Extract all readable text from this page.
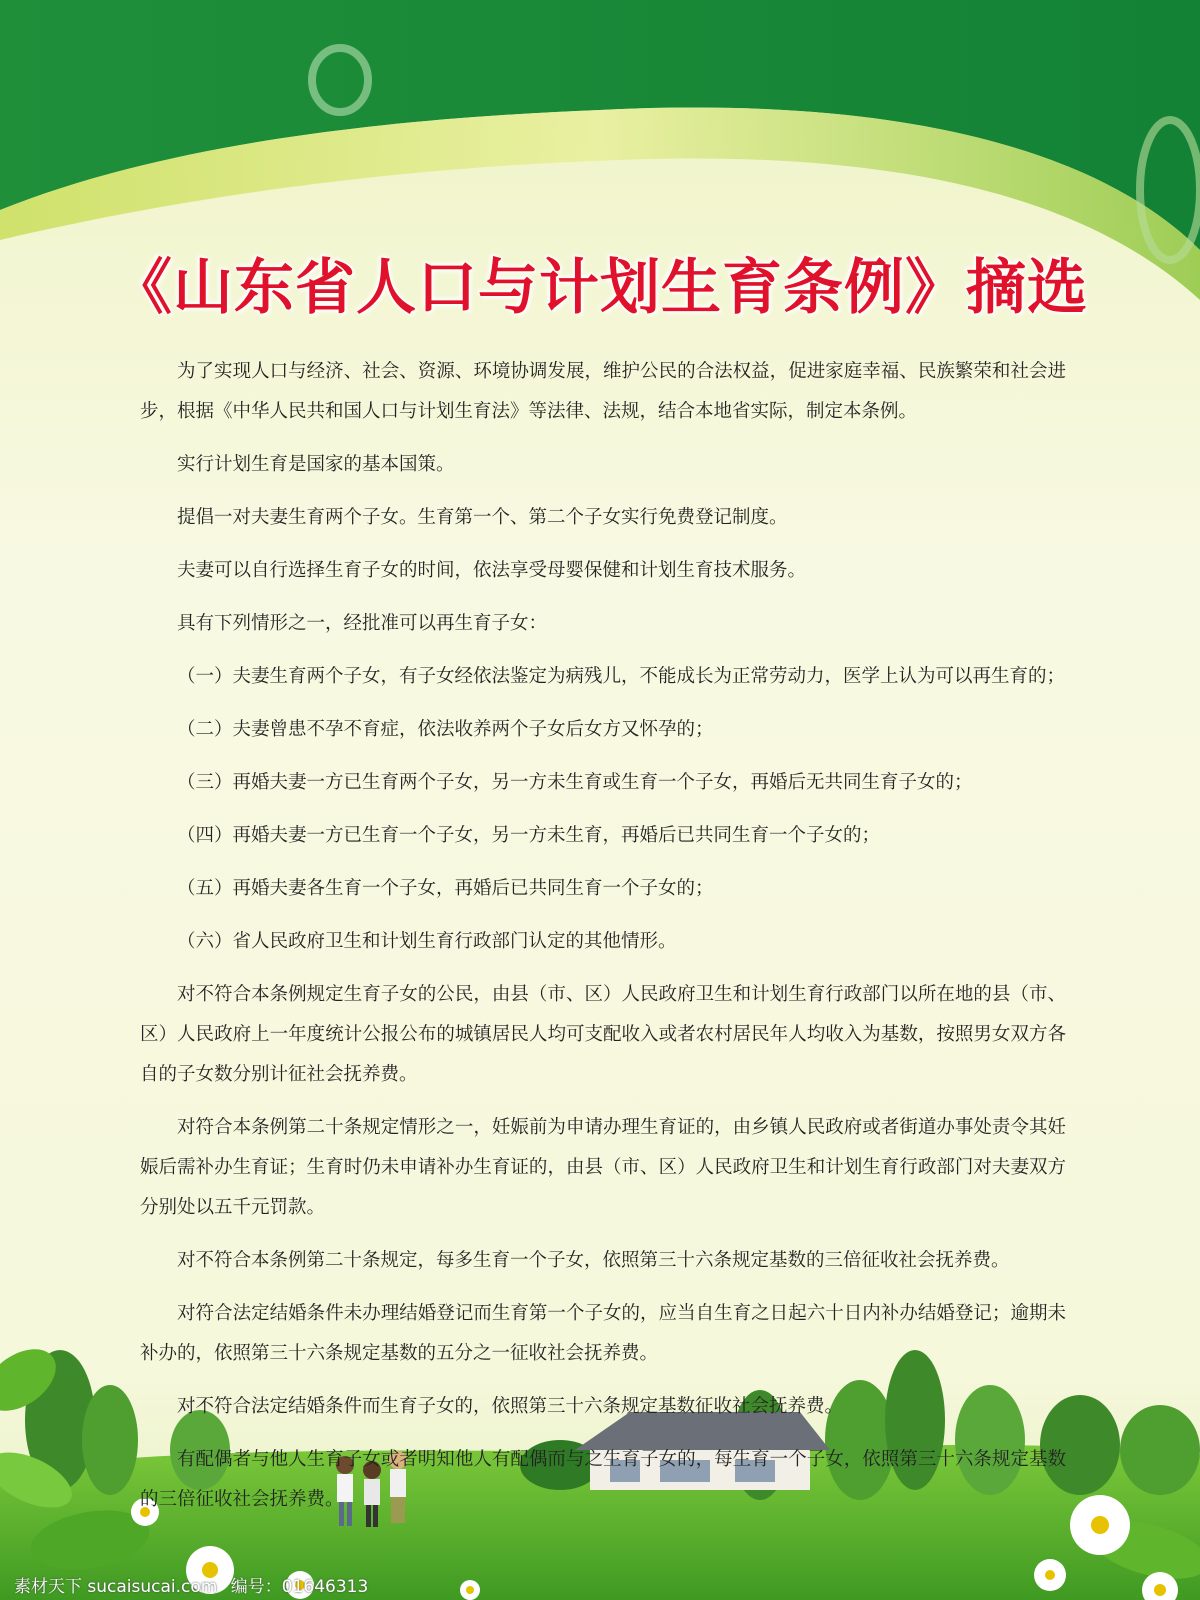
《山东省人口与计划生育条例》摘选

为了实现人口与经济、社会、资源、环境协调发展，维护公民的合法权益，促进家庭幸福、民族繁荣和社会进步，根据《中华人民共和国人口与计划生育法》等法律、法规，结合本地省实际，制定本条例。

实行计划生育是国家的基本国策。

提倡一对夫妻生育两个子女。生育第一个、第二个子女实行免费登记制度。

夫妻可以自行选择生育子女的时间，依法享受母婴保健和计划生育技术服务。

具有下列情形之一，经批准可以再生育子女：

（一）夫妻生育两个子女，有子女经依法鉴定为病残儿，不能成长为正常劳动力，医学上认为可以再生育的；

（二）夫妻曾患不孕不育症，依法收养两个子女后女方又怀孕的；

（三）再婚夫妻一方已生育两个子女，另一方未生育或生育一个子女，再婚后无共同生育子女的；

（四）再婚夫妻一方已生育一个子女，另一方未生育，再婚后已共同生育一个子女的；

（五）再婚夫妻各生育一个子女，再婚后已共同生育一个子女的；

（六）省人民政府卫生和计划生育行政部门认定的其他情形。

对不符合本条例规定生育子女的公民，由县（市、区）人民政府卫生和计划生育行政部门以所在地的县（市、区）人民政府上一年度统计公报公布的城镇居民人均可支配收入或者农村居民年人均收入为基数，按照男女双方各自的子女数分别计征社会抚养费。

对符合本条例第二十条规定情形之一，妊娠前为申请办理生育证的，由乡镇人民政府或者街道办事处责令其妊娠后需补办生育证；生育时仍未申请补办生育证的，由县（市、区）人民政府卫生和计划生育行政部门对夫妻双方分别处以五千元罚款。

对不符合本条例第二十条规定，每多生育一个子女，依照第三十六条规定基数的三倍征收社会抚养费。

对符合法定结婚条件未办理结婚登记而生育第一个子女的，应当自生育之日起六十日内补办结婚登记；逾期未补办的，依照第三十六条规定基数的五分之一征收社会抚养费。

对不符合法定结婚条件而生育子女的，依照第三十六条规定基数征收社会抚养费。

有配偶者与他人生育子女或者明知他人有配偶而与之生育子女的，每生育一个子女，依照第三十六条规定基数的三倍征收社会抚养费。

素材天下 sucaisucai.com 编号：01646313
